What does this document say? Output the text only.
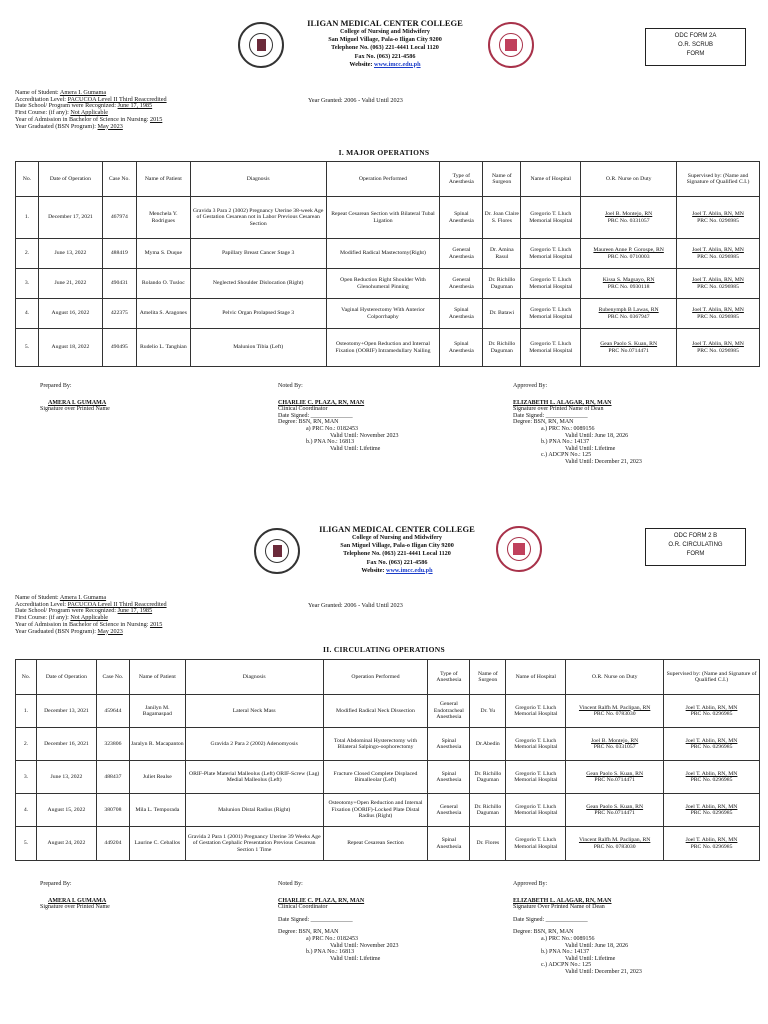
ILIGAN MEDICAL CENTER COLLEGE
College of Nursing and Midwifery
San Miguel Village, Pala-o Iligan City 9200
Telephone No. (063) 221-4441 Local 1120
Fax No. (063) 221-4586
Website: www.imcc.edu.ph
ODC FORM 2A
O.R. SCRUB
FORM
Name of Student: Amera I. Gumama
Accreditation Level: PACUCOA Level II Third Reaccredited
Date School/ Program were Recognized: June 17, 1985
First Course: (if any): Not Applicable
Year of Admission in Bachelor of Science in Nursing: 2015
Year Graduated (BSN Program): May 2023
Year Granted: 2006 - Valid Until 2023
I. MAJOR OPERATIONS
No.	Date of Operation	Case No.	Name of Patient	Diagnosis	Operation Performed	Type of Anesthesia	Name of Surgeon	Name of Hospital	O.R. Nurse on Duty	Supervised by: (Name and Signature of Qualified C.I.)
1.	December 17, 2021	467974	Menchela Y. Rodrigues	Gravida 3 Para 2 (3002) Pregnancy Uterine 38-week Age of Gestation Cesarean not in Labor Previous Cesarean Section	Repeat Cesarean Section with Bilateral Tubal Ligation	Spinal Anesthesia	Dr. Joan Claire S. Flores	Gregorio T. Lluch Memorial Hospital	Joel B. Montejo, RN
PRC No. 0331057	Joel T. Ablin, RN, MN
PRC No. 0296985
2.	June 13, 2022	488419	Myma S. Duque	Papillary Breast Cancer Stage 3	Modified Radical Mastectomy(Right)	General Anesthesia	Dr. Amina Rasul	Gregorio T. Lluch Memorial Hospital	Maureen Anne P. Gorospe, RN
PRC No. 0710003	Joel T. Ablin, RN, MN
PRC No. 0296985
3.	June 21, 2022	490431	Rolando O. Tusloc	Neglected Shoulder Dislocation (Right)	Open Reduction Right Shoulder With Glenohumeral Pinning	General Anesthesia	Dr. Richillo Daguman	Gregorio T. Lluch Memorial Hospital	Kissa S. Magsayo, RN
PRC No. 0930118	Joel T. Ablin, RN, MN
PRC No. 0296985
4.	August 16, 2022	422375	Amelita S. Aragones	Pelvic Organ Prolapsed Stage 3	Vaginal Hysterectomy With Anterior Colporrhaphy	Spinal Anesthesia	Dr. Batawi	Gregorio T. Lluch Memorial Hospital	Rubenymph B Lawas, RN
PRC No. 0367947	Joel T. Ablin, RN, MN
PRC No. 0296985
5.	August 18, 2022	490495	Rudelio L. Tanghian	Malunion Tibia (Left)	Osteotomy+Open Reduction and Internal Fixation (OORIF) Intramedullary Nailing	Spinal Anesthesia	Dr. Richillo Daguman	Gregorio T. Lluch Memorial Hospital	Gean Paolo S. Kuan, RN
PRC No.0714471	Joel T. Ablin, RN, MN
PRC No. 0296985
Prepared By:
AMERA I. GUMAMA
Signature over Printed Name
Noted By:
CHARLIE C. PLAZA, RN, MAN
Clinical Coordinator
Date Signed: ______________
Degree: BSN, RN, MAN
a) PRC No.: 0182453
Valid Until: November 2023
b.) PNA No.: 16813
Valid Until: Lifetime
Approved By:
ELIZABETH L. ALAGAR, RN, MAN
Signature over Printed Name of Dean
Date Signed: ______________
Degree: BSN, RN, MAN
a.) PRC No.: 0089156
Valid Until: June 18, 2026
b.) PNA No.: 14137
Valid Until: Lifetime
c.) ADCPN No.: 125
Valid Until: December 21, 2023
ILIGAN MEDICAL CENTER COLLEGE
College of Nursing and Midwifery
San Miguel Village, Pala-o Iligan City 9200
Telephone No. (063) 221-4441 Local 1120
Fax No. (063) 221-4586
Website: www.imcc.edu.ph
ODC FORM 2 B
O.R. CIRCULATING
FORM
Name of Student: Amera I. Gumama
Accreditation Level: PACUCOA Level II Third Reaccredited
Date School/ Program were Recognized: June 17, 1985
First Course: (if any): Not Applicable
Year of Admission in Bachelor of Science in Nursing: 2015
Year Graduated (BSN Program): May 2023
Year Granted: 2006 - Valid Until 2023
II. CIRCULATING OPERATIONS
No.	Date of Operation	Case No.	Name of Patient	Diagnosis	Operation Performed	Type of Anesthesia	Name of Surgeon	Name of Hospital	O.R. Nurse on Duty	Supervised by: (Name and Signature of Qualified C.I.)
1.	December 13, 2021	459644	Janilyn M. Bagamaspad	Lateral Neck Mass	Modified Radical Neck Dissection	General Endotracheal Anesthesia	Dr. Yu	Gregorio T. Lluch Memorial Hospital	Vincent Ralfh M. Paclipan, RN
PRC No. 0783030	Joel T. Ablin, RN, MN
PRC No. 0296985
2.	December 16, 2021	323806	Jaralyn R. Macapanton	Gravida 2 Para 2 (2002) Adenomyosis	Total Abdominal Hysterectomy with Bilateral Salpingo-oophorectomy	Spinal Anesthesia	Dr.Abedin	Gregorio T. Lluch Memorial Hospital	Joel B. Montejo, RN
PRC No. 0331057	Joel T. Ablin, RN, MN
PRC No. 0296985
3.	June 13, 2022	488437	Juliet Realse	ORIF-Plate Material Malleolus (Left) ORIF-Screw (Lag) Medial Malleolus (Left)	Fracture Closed Complete Displaced Bimalleolar (Left)	Spinal Anesthesia	Dr. Richillo Daguman	Gregorio T. Lluch Memorial Hospital	Gean Paolo S. Kuan, RN
PRC No.0714471	Joel T. Ablin, RN, MN
PRC No. 0296985
4.	August 15, 2022	380708	Mila L. Temporada	Malunion Distal Radius (Right)	Osteotomy+Open Reduction and Internal Fixation (OORIF)-Locked Plate Distal Radius (Right)	General Anesthesia	Dr. Richillo Daguman	Gregorio T. Lluch Memorial Hospital	Gean Paolo S. Kuan, RN
PRC No.0714471	Joel T. Ablin, RN, MN
PRC No. 0296985
5.	August 24, 2022	449204	Laurine C. Ceballos	Gravida 2 Para 1 (2001) Pregnancy Uterine 39 Weeks Age of Gestation Cephalic Presentation Previous Cesarean Section 1 Time	Repeat Cesarean Section	Spinal Anesthesia	Dr. Flores	Gregorio T. Lluch Memorial Hospital	Vincent Ralfh M. Paclipan, RN
PRC No. 0783030	Joel T. Ablin, RN, MN
PRC No. 0296985
Prepared By:
AMERA I. GUMAMA
Signature over Printed Name
Noted By:
CHARLIE C. PLAZA, RN, MAN
Clinical Coordinator
Date Signed: ______________
Degree: BSN, RN, MAN
a) PRC No.: 0182453
Valid Until: November 2023
b.) PNA No.: 16813
Valid Until: Lifetime
Approved By:
ELIZABETH L. ALAGAR, RN, MAN
Signature Over Printed Name of Dean
Date Signed: ______________
Degree: BSN, RN, MAN
a.) PRC No.: 0089156
Valid Until: June 18, 2026
b.) PNA No.: 14137
Valid Until: Lifetime
c.) ADCPN No.: 125
Valid Until: December 21, 2023
